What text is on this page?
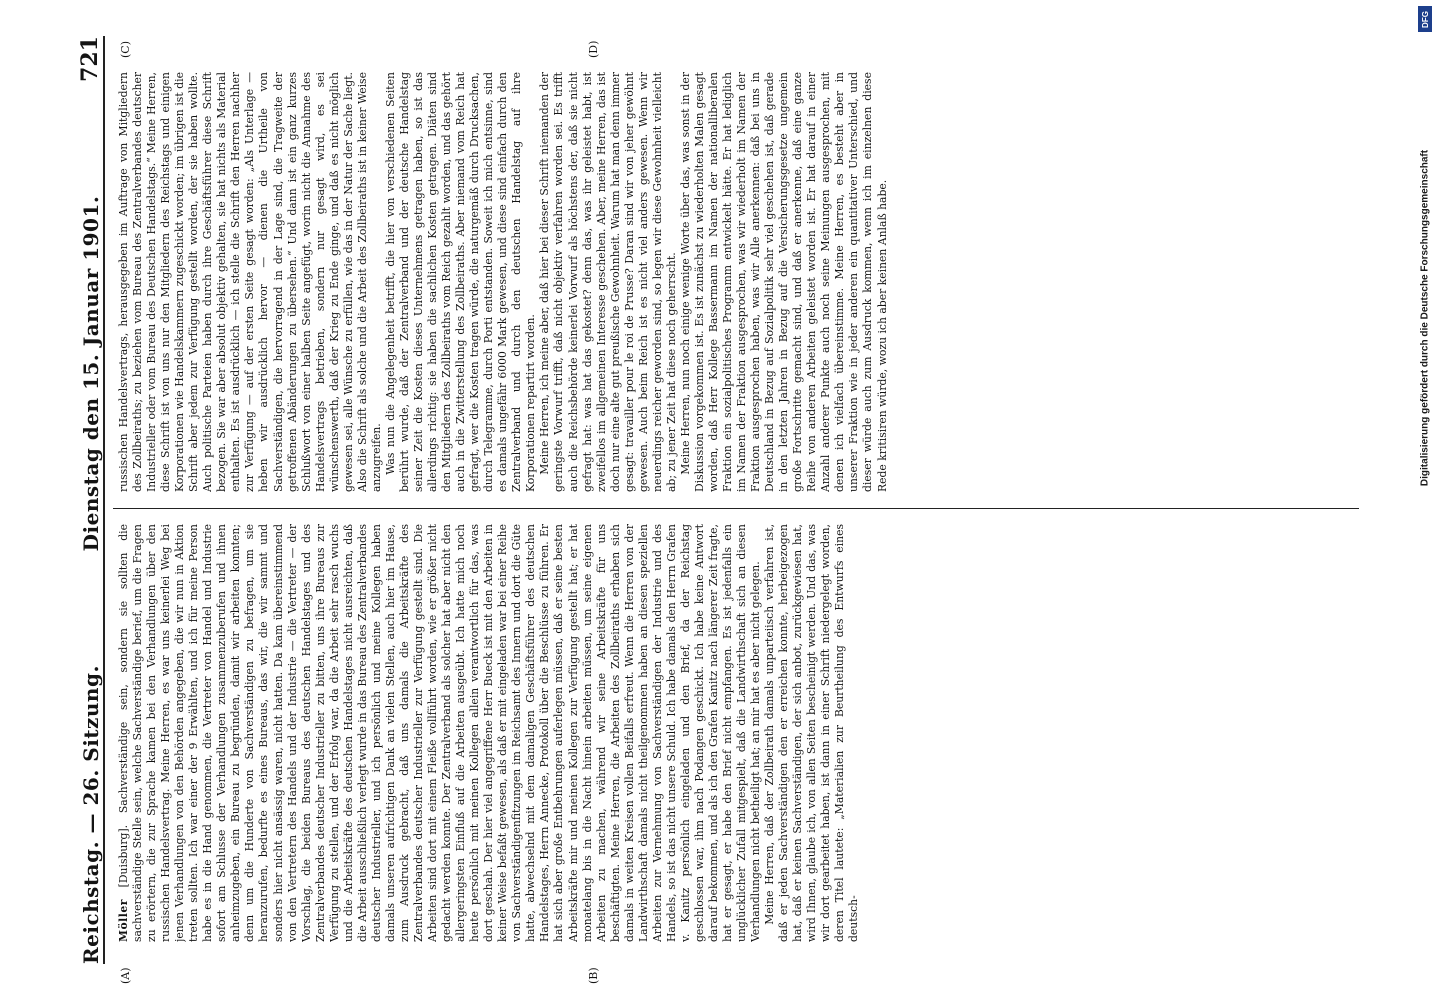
Reichstag. — 26. Sitzung.
Dienstag den 15. Januar 1901.
721
(A)	(B)
(C)	(D)

Möller [Duisburg]. Sachverständige sein, sondern sie sollten die sachverständige Stelle sein, welche Sachverständige berief, um die Fragen zu erörtern, die zur Sprache kamen bei den Verhandlungen über den russischen Handelsvertrag. Meine Herren, es war uns keinerlei Weg bei jenen Verhandlungen von den Behörden angegeben, die wir nun in Aktion treten sollten. Ich war einer der 9 Erwählten, und ich für meine Person habe es in die Hand genommen, die Vertreter von Handel und Industrie sofort am Schlusse der Verhandlungen zusammenzuberufen und ihnen anheimzugeben, ein Bureau zu begründen, damit wir arbeiten konnten; denn um die Hunderte von Sachverständigen zu befragen, um sie heranzurufen, bedurfte es eines Bureaus, das wir, die wir sammt und sonders hier nicht ansässig waren, nicht hatten. Da kam übereinstimmend von den Vertretern des Handels und der Industrie — die Vertreter — der Vorschlag, die beiden Bureaus des deutschen Handelstages und des Zentralverbandes deutscher Industrieller zu bitten, uns ihre Bureaus zur Verfügung zu stellen, und der Erfolg war, da die Arbeit sehr rasch wuchs und die Arbeitskräfte des deutschen Handelstages nicht ausreichten, daß die Arbeit ausschließlich verlegt wurde in das Bureau des Zentralverbandes deutscher Industrieller, und ich persönlich und meine Kollegen haben damals unseren aufrichtigen Dank an vielen Stellen, auch hier im Hause, zum Ausdruck gebracht, daß uns damals die Arbeitskräfte des Zentralverbandes deutscher Industrieller zur Verfügung gestellt sind. Die Arbeiten sind dort mit einem Fleiße vollführt worden, wie er größer nicht gedacht werden konnte. Der Zentralverband als solcher hat aber nicht den allergeringsten Einfluß auf die Arbeiten ausgeübt. Ich hatte mich noch heute persönlich mit meinen Kollegen allein verantwortlich für das, was dort geschah. Der hier viel angegriffene Herr Bueck ist mit den Arbeiten in keiner Weise befaßt gewesen, als daß er mit eingeladen war bei einer Reihe von Sachverständigenfitzungen im Reichsamt des Innern und dort die Güte hatte, abwechselnd mit dem damaligen Geschäftsführer des deutschen Handelstages, Herrn Annecke, Protokoll über die Beschlüsse zu führen. Er hat sich aber große Entbehrungen auferlegen müssen, daß er seine besten Arbeitskräfte mir und meinen Kollegen zur Verfügung gestellt hat; er hat monatelang bis in die Nacht hinein arbeiten müssen, um seine eigenen Arbeiten zu machen, während wir seine Arbeitskräfte für uns beschäftigten. Meine Herren, die Arbeiten des Zollbeiraths erhaben sich damals in weiten Kreisen vollen Beifalls erfreut. Wenn die Herren von der Landwirthschaft damals nicht theilgenommen haben an diesen speziellen Arbeiten zur Vernehmung von Sachverständigen der Industrie und des Handels, so ist das nicht unsere Schuld. Ich habe damals den Herrn Grafen v. Kanitz persönlich eingeladen und den Brief, da der Reichstag geschlossen war, ihm nach Podangen geschickt. Ich habe keine Antwort darauf bekommen, und als ich den Grafen Kanitz nach längerer Zeit fragte, hat er gesagt, er habe den Brief nicht empfangen. Es ist jedenfalls ein unglücklicher Zufall mitgespielt, daß die Landwirthschaft sich an diesen Verhandlungen nicht betheiligt hat; an mir hat es aber nicht gelegen. Meine Herren, daß der Zollbeirath damals unparteiisch verfahren ist, daß er jeden Sachverständigen den er erreichen konnte, herbeigezogen hat, daß er keinen Sachverständigen, der sich anbot, zurückgewiesen hat, wird Ihnen, glaube ich, von allen Seiten bescheinigt werden. Und das, was wir dort gearbeitet haben, ist dann in einer Schrift niedergelegt worden, deren Titel lautete: „Materialien zur Beurtheilung des Entwurfs eines deutsch-

russischen Handelsvertrags, herausgegeben im Auftrage von Mitgliedern des Zollbeiraths; zu beziehen vom Bureau des Zentralverbandes deutscher Industrieller oder vom Bureau des Deutschen Handelstags.“ Meine Herren, diese Schrift ist von uns nur den Mitgliedern des Reichstags und einigen Korporationen wie Handelskammern zugeschickt worden; im übrigen ist die Schrift aber jedem zur Verfügung gestellt worden, der sie haben wollte. Auch politische Parteien haben durch ihre Geschäftsführer diese Schrift bezogen. Sie war aber absolut objektiv gehalten, sie hat nichts als Material enthalten. Es ist ausdrücklich — ich stelle die Schrift den Herren nachher zur Verfügung — auf der ersten Seite gesagt worden: „Als Unterlage — heben wir ausdrücklich hervor — dienen die Urtheile von Sachverständigen, die hervorragend in der Lage sind, die Tragweite der getroffenen Abänderungen zu übersehen.“ Und dann ist ein ganz kurzes Schlußwort von einer halben Seite angefügt, worin nicht die Annahme des Handelsvertrags betrieben, sondern nur gesagt wird, es sei wünschenswerth, daß der Krieg zu Ende ginge, und daß es nicht möglich gewesen sei, alle Wünsche zu erfüllen, wie das in der Natur der Sache liegt. Also die Schrift als solche und die Arbeit des Zollbeiraths ist in keiner Weise anzugreifen. Was nun die Angelegenheit betrifft, die hier von verschiedenen Seiten berührt wurde, daß der Zentralverband und der deutsche Handelstag seiner Zeit die Kosten dieses Unternehmens getragen haben, so ist das allerdings richtig: sie haben die sachlichen Kosten getragen. Diäten sind den Mitgliedern des Zollbeiraths vom Reich gezahlt worden, und das gehört auch in die Zwitterstellung des Zollbeiraths. Aber niemand vom Reich hat gefragt, wer die Kosten tragen würde, die naturgemäß durch Drucksachen, durch Telegramme, durch Porti entstanden. Soweit ich mich entsinne, sind es damals ungefähr 6000 Mark gewesen, und diese sind einfach durch den Zentralverband und durch den deutschen Handelstag auf ihre Korporationen repartirt worden. Meine Herren, ich meine aber, daß hier bei dieser Schrift niemanden der geringste Vorwurf trifft, daß nicht objektiv verfahren worden sei. Es trifft auch die Reichsbehörde keinerlei Vorwurf als höchstens der, daß sie nicht gefragt hat: was hat das gekostet? denn das, was ihr geleistet habt, ist zweifellos im allgemeinen Interesse geschehen. Aber, meine Herren, das ist doch nur eine alte gut preußische Gewohnheit. Warum hat man denn immer gesagt: travailler pour le roi de Prusse? Daran sind wir von jeher gewöhnt gewesen. Auch beim Reich ist es nicht viel anders gewesen. Wenn wir neuerdings reicher geworden sind, so legen wir diese Gewohnheit vielleicht ab; zu jener Zeit hat diese noch geherrscht. Meine Herren, nun noch einige wenige Worte über das, was sonst in der Diskussion vorgekommen ist. Es ist zunächst zu wiederholten Malen gesagt worden, daß Herr Kollege Bassermann im Namen der nationalliberalen Fraktion ein sozialpolitisches Programm entwickelt hätte. Er hat lediglich im Namen der Fraktion ausgesprochen, was wir wiederholt im Namen der Fraktion ausgesprochen haben, was wir Alle anerkennen: daß bei uns in Deutschland in Bezug auf Sozialpolitik sehr viel geschehen ist, daß gerade in den letzten Jahren in Bezug auf die Versicherungsgesetze ungemein große Fortschritte gemacht sind, und daß er anerkenne, daß eine ganze Reihe von anderen Arbeiten geleistet worden ist. Er hat darauf in einer Anzahl anderer Punkte auch noch seine Meinungen ausgesprochen, mit denen ich vielfach übereinstimme. Meine Herren, es besteht aber in unserer Fraktion wie in jeder anderen ein quantitativer Unterschied, und dieser würde auch zum Ausdruck kommen, wenn ich im einzelnen diese Rede kritisiren würde, wozu ich aber keinen Anlaß habe.

DFG
Digitalisierung gefördert durch die Deutsche Forschungsgemeinschaft
